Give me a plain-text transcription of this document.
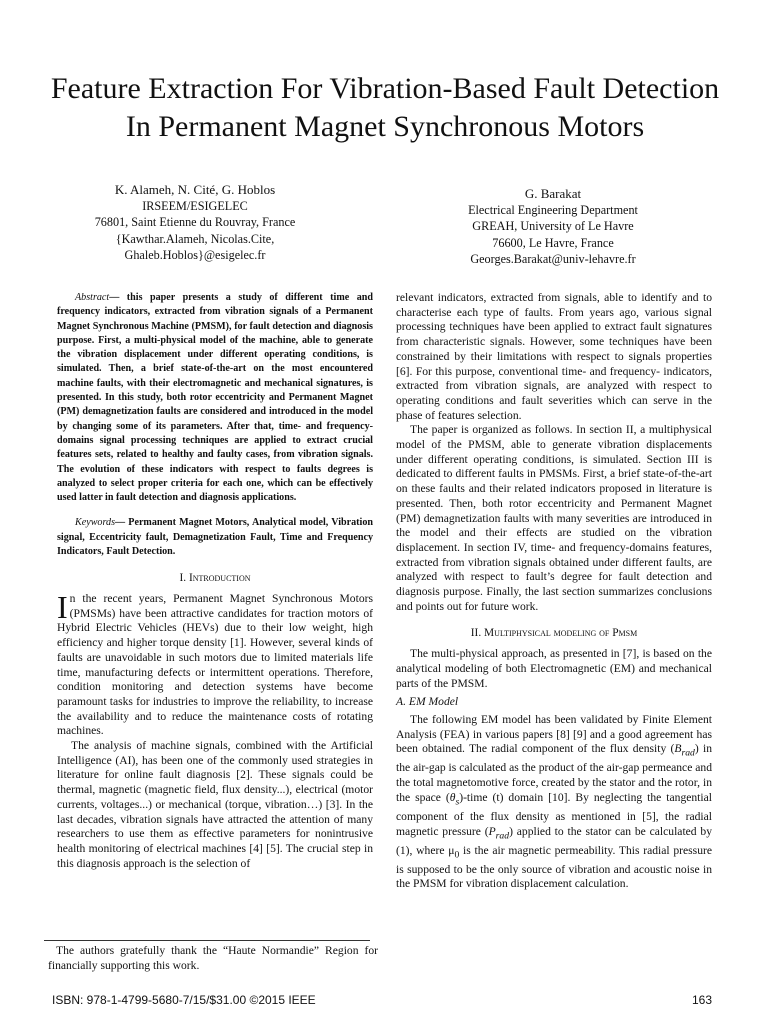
Feature Extraction For Vibration-Based Fault Detection In Permanent Magnet Synchronous Motors
K. Alameh, N. Cité, G. Hoblos
IRSEEM/ESIGELEC
76801, Saint Etienne du Rouvray, France
{Kawthar.Alameh, Nicolas.Cite,
Ghaleb.Hoblos}@esigelec.fr
G. Barakat
Electrical Engineering Department
GREAH, University of Le Havre
76600, Le Havre, France
Georges.Barakat@univ-lehavre.fr

Abstract— this paper presents a study of different time and frequency indicators, extracted from vibration signals of a Permanent Magnet Synchronous Machine (PMSM), for fault detection and diagnosis purpose. First, a multi-physical model of the machine, able to generate the vibration displacement under different operating conditions, is simulated. Then, a brief state-of-the-art on the most encountered machine faults, with their electromagnetic and mechanical signatures, is presented. In this study, both rotor eccentricity and Permanent Magnet (PM) demagnetization faults are considered and introduced in the model by changing some of its parameters. After that, time- and frequency-domains signal processing techniques are applied to extract crucial features sets, related to healthy and faulty cases, from vibration signals. The evolution of these indicators with respect to faults degrees is analyzed to select proper criteria for each one, which can be effectively used latter in fault detection and diagnosis applications.

Keywords— Permanent Magnet Motors, Analytical model, Vibration signal, Eccentricity fault, Demagnetization Fault, Time and Frequency Indicators, Fault Detection.

I. Introduction

In the recent years, Permanent Magnet Synchronous Motors (PMSMs) have been attractive candidates for traction motors of Hybrid Electric Vehicles (HEVs) due to their low weight, high efficiency and higher torque density [1]. However, several kinds of faults are unavoidable in such motors due to limited materials life time, manufacturing defects or intermittent operations. Therefore, condition monitoring and detection systems have become paramount tasks for industries to improve the reliability, to increase the availability and to reduce the maintenance costs of rotating machines.

The analysis of machine signals, combined with the Artificial Intelligence (AI), has been one of the commonly used strategies in literature for online fault diagnosis [2]. These signals could be thermal, magnetic (magnetic field, flux density...), electrical (motor currents, voltages...) or mechanical (torque, vibration…) [3]. In the last decades, vibration signals have attracted the attention of many researchers to use them as effective parameters for nonintrusive health monitoring of electrical machines [4] [5]. The crucial step in this diagnosis approach is the selection of

relevant indicators, extracted from signals, able to identify and to characterise each type of faults. From years ago, various signal processing techniques have been applied to extract fault signatures from characteristic signals. However, some techniques have been constrained by their limitations with respect to signals properties [6]. For this purpose, conventional time- and frequency- indicators, extracted from vibration signals, are analyzed with respect to operating conditions and fault severities which can serve in the phase of features selection.

The paper is organized as follows. In section II, a multiphysical model of the PMSM, able to generate vibration displacements under different operating conditions, is simulated. Section III is dedicated to different faults in PMSMs. First, a brief state-of-the-art on these faults and their related indicators proposed in literature is presented. Then, both rotor eccentricity and Permanent Magnet (PM) demagnetization faults with many severities are introduced in the model and their effects are studied on the vibration displacement. In section IV, time- and frequency-domains features, extracted from vibration signals obtained under different faults, are analyzed with respect to fault’s degree for fault detection and diagnosis purpose. Finally, the last section summarizes conclusions and points out for future work.

II. Multiphysical modeling of Pmsm

The multi-physical approach, as presented in [7], is based on the analytical modeling of both Electromagnetic (EM) and mechanical parts of the PMSM.

A. EM Model

The following EM model has been validated by Finite Element Analysis (FEA) in various papers [8] [9] and a good agreement has been obtained. The radial component of the flux density $(B_{rad})$ in the air-gap is calculated as the product of the air-gap permeance and the total magnetomotive force, created by the stator and the rotor, in the space $(\theta_s)$-time (t) domain [10]. By neglecting the tangential component of the flux density as mentioned in [5], the radial magnetic pressure $(P_{rad})$ applied to the stator can be calculated by (1), where $\mu_0$ is the air magnetic permeability. This radial pressure is supposed to be the only source of vibration and acoustic noise in the PMSM for vibration displacement calculation.

The authors gratefully thank the “Haute Normandie” Region for financially supporting this work.
ISBN: 978-1-4799-5680-7/15/$31.00 ©2015 IEEE	163
